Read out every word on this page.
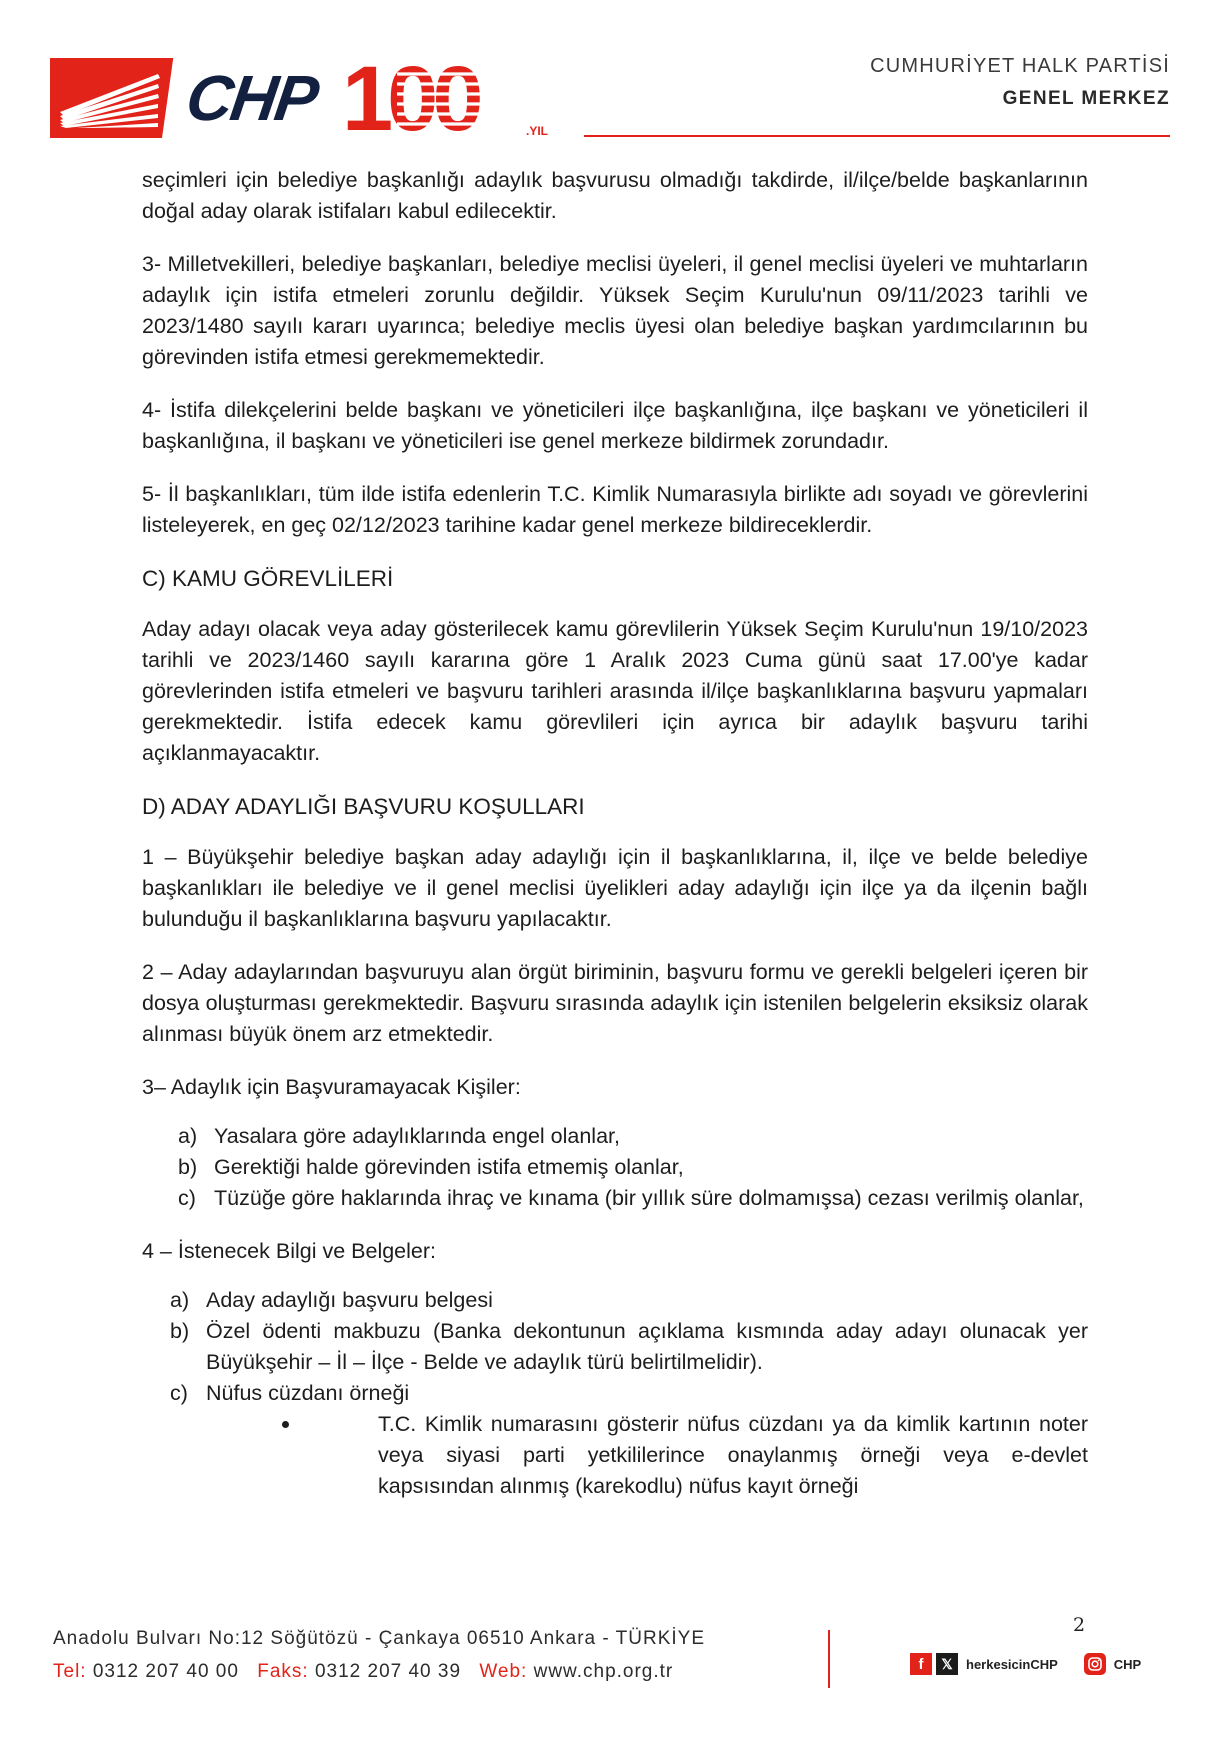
CHP 100	.YIL
CUMHURİYET HALK PARTİSİ
GENEL MERKEZ

seçimleri için belediye başkanlığı adaylık başvurusu olmadığı takdirde, il/ilçe/belde başkanlarının doğal aday olarak istifaları kabul edilecektir.

3- Milletvekilleri, belediye başkanları, belediye meclisi üyeleri, il genel meclisi üyeleri ve muhtarların adaylık için istifa etmeleri zorunlu değildir. Yüksek Seçim Kurulu'nun 09/11/2023 tarihli ve 2023/1480 sayılı kararı uyarınca; belediye meclis üyesi olan belediye başkan yardımcılarının bu görevinden istifa etmesi gerekmemektedir.

4- İstifa dilekçelerini belde başkanı ve yöneticileri ilçe başkanlığına, ilçe başkanı ve yöneticileri il başkanlığına, il başkanı ve yöneticileri ise genel merkeze bildirmek zorundadır.

5- İl başkanlıkları, tüm ilde istifa edenlerin T.C. Kimlik Numarasıyla birlikte adı soyadı ve görevlerini listeleyerek, en geç 02/12/2023 tarihine kadar genel merkeze bildireceklerdir.

C) KAMU GÖREVLİLERİ

Aday adayı olacak veya aday gösterilecek kamu görevlilerin Yüksek Seçim Kurulu'nun 19/10/2023 tarihli ve 2023/1460 sayılı kararına göre 1 Aralık 2023 Cuma günü saat 17.00'ye kadar görevlerinden istifa etmeleri ve başvuru tarihleri arasında il/ilçe başkanlıklarına başvuru yapmaları gerekmektedir. İstifa edecek kamu görevlileri için ayrıca bir adaylık başvuru tarihi açıklanmayacaktır.

D) ADAY ADAYLIĞI BAŞVURU KOŞULLARI

1 – Büyükşehir belediye başkan aday adaylığı için il başkanlıklarına, il, ilçe ve belde belediye başkanlıkları ile belediye ve il genel meclisi üyelikleri aday adaylığı için ilçe ya da ilçenin bağlı bulunduğu il başkanlıklarına başvuru yapılacaktır.

2 – Aday adaylarından başvuruyu alan örgüt biriminin, başvuru formu ve gerekli belgeleri içeren bir dosya oluşturması gerekmektedir. Başvuru sırasında adaylık için istenilen belgelerin eksiksiz olarak alınması büyük önem arz etmektedir.

3– Adaylık için Başvuramayacak Kişiler:
a) Yasalara göre adaylıklarında engel olanlar,
b) Gerektiği halde görevinden istifa etmemiş olanlar,
c) Tüzüğe göre haklarında ihraç ve kınama (bir yıllık süre dolmamışsa) cezası verilmiş olanlar,
4 – İstenecek Bilgi ve Belgeler:
a) Aday adaylığı başvuru belgesi
b) Özel ödenti makbuzu (Banka dekontunun açıklama kısmında aday adayı olunacak yer Büyükşehir – İl – İlçe - Belde ve adaylık türü belirtilmelidir).
c) Nüfus cüzdanı örneği
T.C. Kimlik numarasını gösterir nüfus cüzdanı ya da kimlik kartının noter veya siyasi parti yetkililerince onaylanmış örneği veya e-devlet kapsısından alınmış (karekodlu) nüfus kayıt örneği
Anadolu Bulvarı No:12 Söğütözü - Çankaya 06510 Ankara - TÜRKİYE
Tel: 0312 207 40 00 Faks: 0312 207 40 39 Web: www.chp.org.tr
2
f	𝕏	herkesicinCHP	CHP
